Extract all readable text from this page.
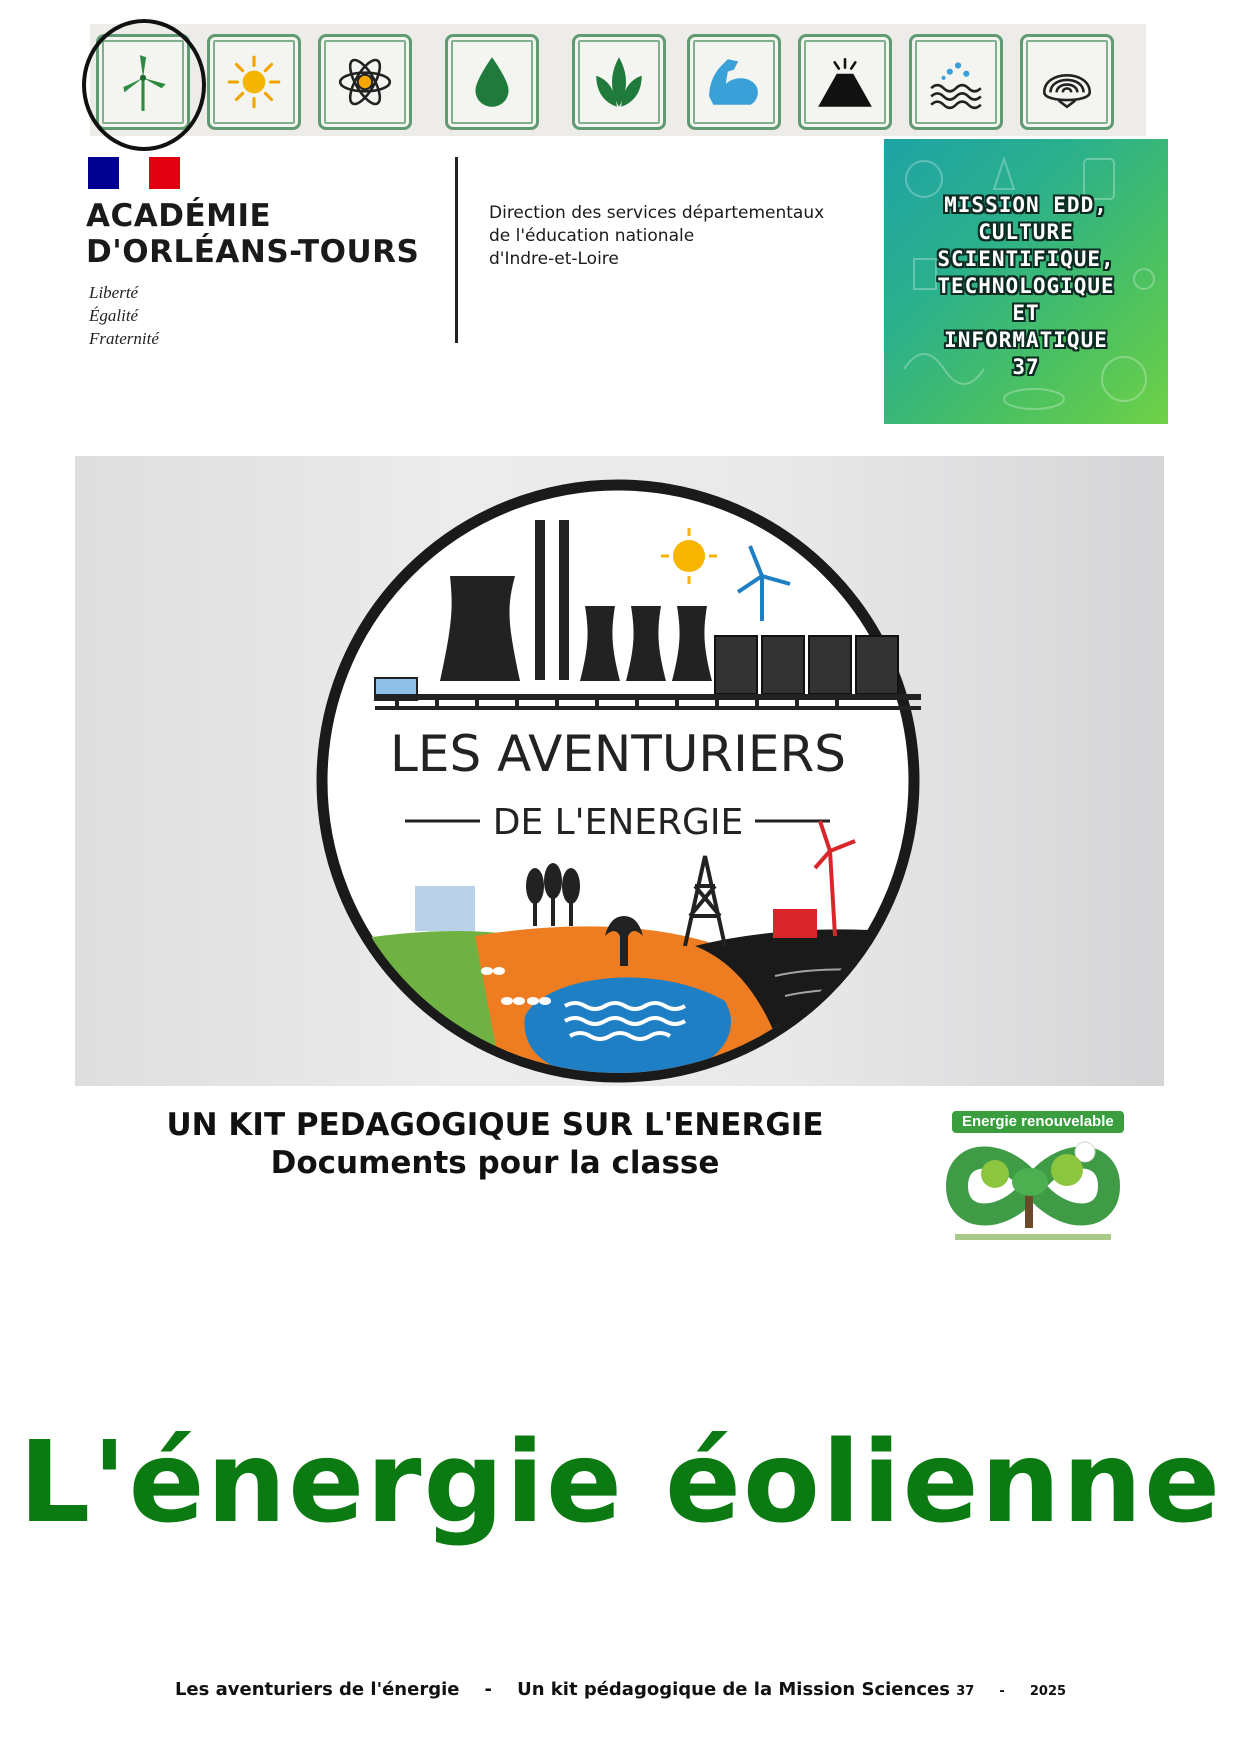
ACADÉMIE
D'ORLÉANS-TOURS
Liberté
Égalité
Fraternité
Direction des services départementaux
de l'éducation nationale
d'Indre-et-Loire
MISSION EDD,
CULTURE
SCIENTIFIQUE,
TECHNOLOGIQUE
ET
INFORMATIQUE
37
LES AVENTURIERS
DE L'ENERGIE
UN KIT PEDAGOGIQUE SUR L'ENERGIE
Documents pour la classe
Energie renouvelable
L'énergie éolienne
Les aventuriers de l'énergie - Un kit pédagogique de la Mission Sciences 37 - 2025
